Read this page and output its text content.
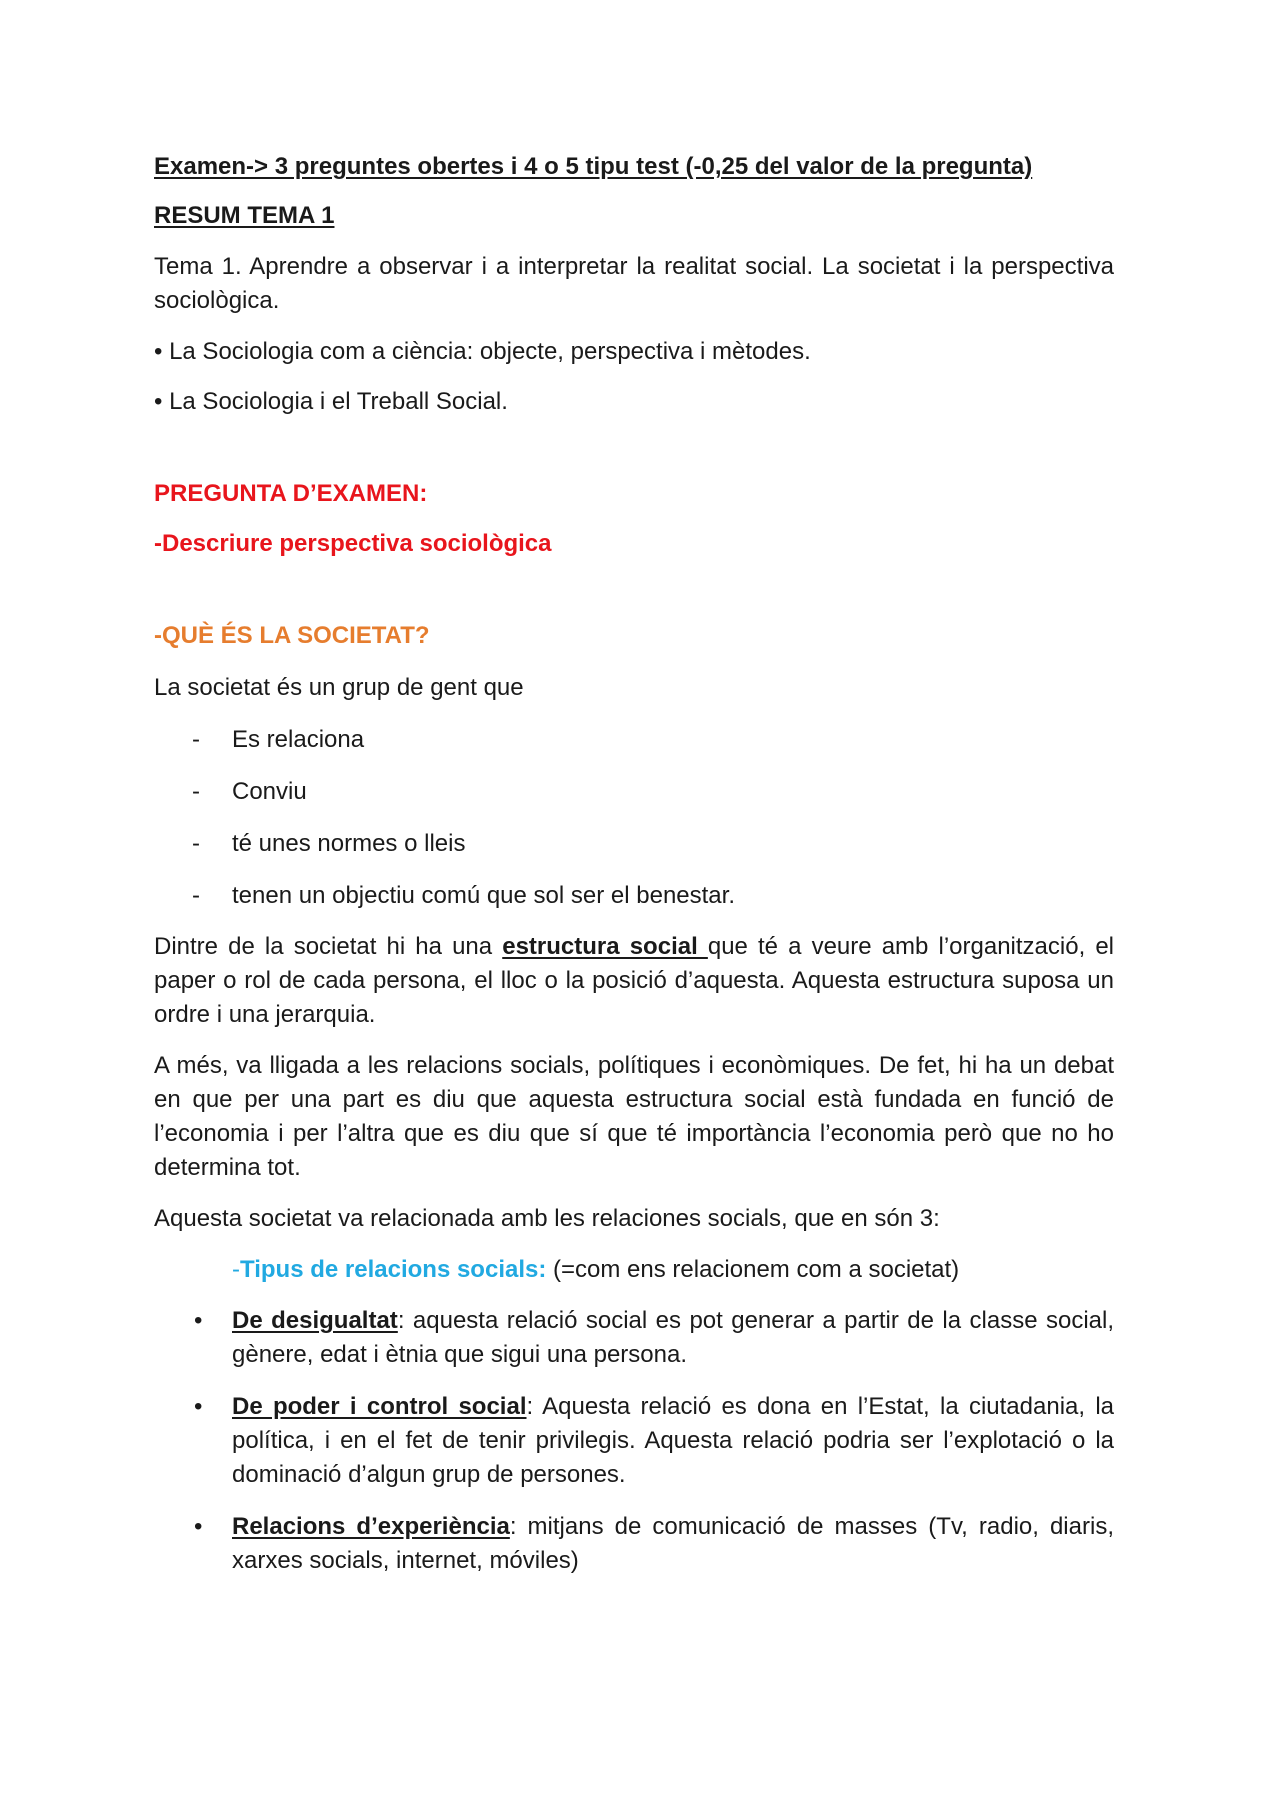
Examen-> 3 preguntes obertes i 4 o 5 tipu test (-0,25 del valor de la pregunta)

RESUM TEMA 1

Tema 1. Aprendre a observar i a interpretar la realitat social. La societat i la perspectiva sociològica.

• La Sociologia com a ciència: objecte, perspectiva i mètodes.

• La Sociologia i el Treball Social.

PREGUNTA D’EXAMEN:

-Descriure perspectiva sociològica

-QUÈ ÉS LA SOCIETAT?

La societat és un grup de gent que

- Es relaciona
- Conviu
- té unes normes o lleis
- tenen un objectiu comú que sol ser el benestar.

Dintre de la societat hi ha una estructura social que té a veure amb l’organització, el paper o rol de cada persona, el lloc o la posició d’aquesta. Aquesta estructura suposa un ordre i una jerarquia.

A més, va lligada a les relacions socials, polítiques i econòmiques. De fet, hi ha un debat en que per una part es diu que aquesta estructura social està fundada en funció de l’economia i per l’altra que es diu que sí que té importància l’economia però que no ho determina tot.

Aquesta societat va relacionada amb les relaciones socials, que en són 3:

-Tipus de relacions socials: (=com ens relacionem com a societat)

• De desigualtat: aquesta relació social es pot generar a partir de la classe social, gènere, edat i ètnia que sigui una persona.
• De poder i control social: Aquesta relació es dona en l’Estat, la ciutadania, la política, i en el fet de tenir privilegis. Aquesta relació podria ser l’explotació o la dominació d’algun grup de persones.
• Relacions d’experiència: mitjans de comunicació de masses (Tv, radio, diaris, xarxes socials, internet, móviles)
